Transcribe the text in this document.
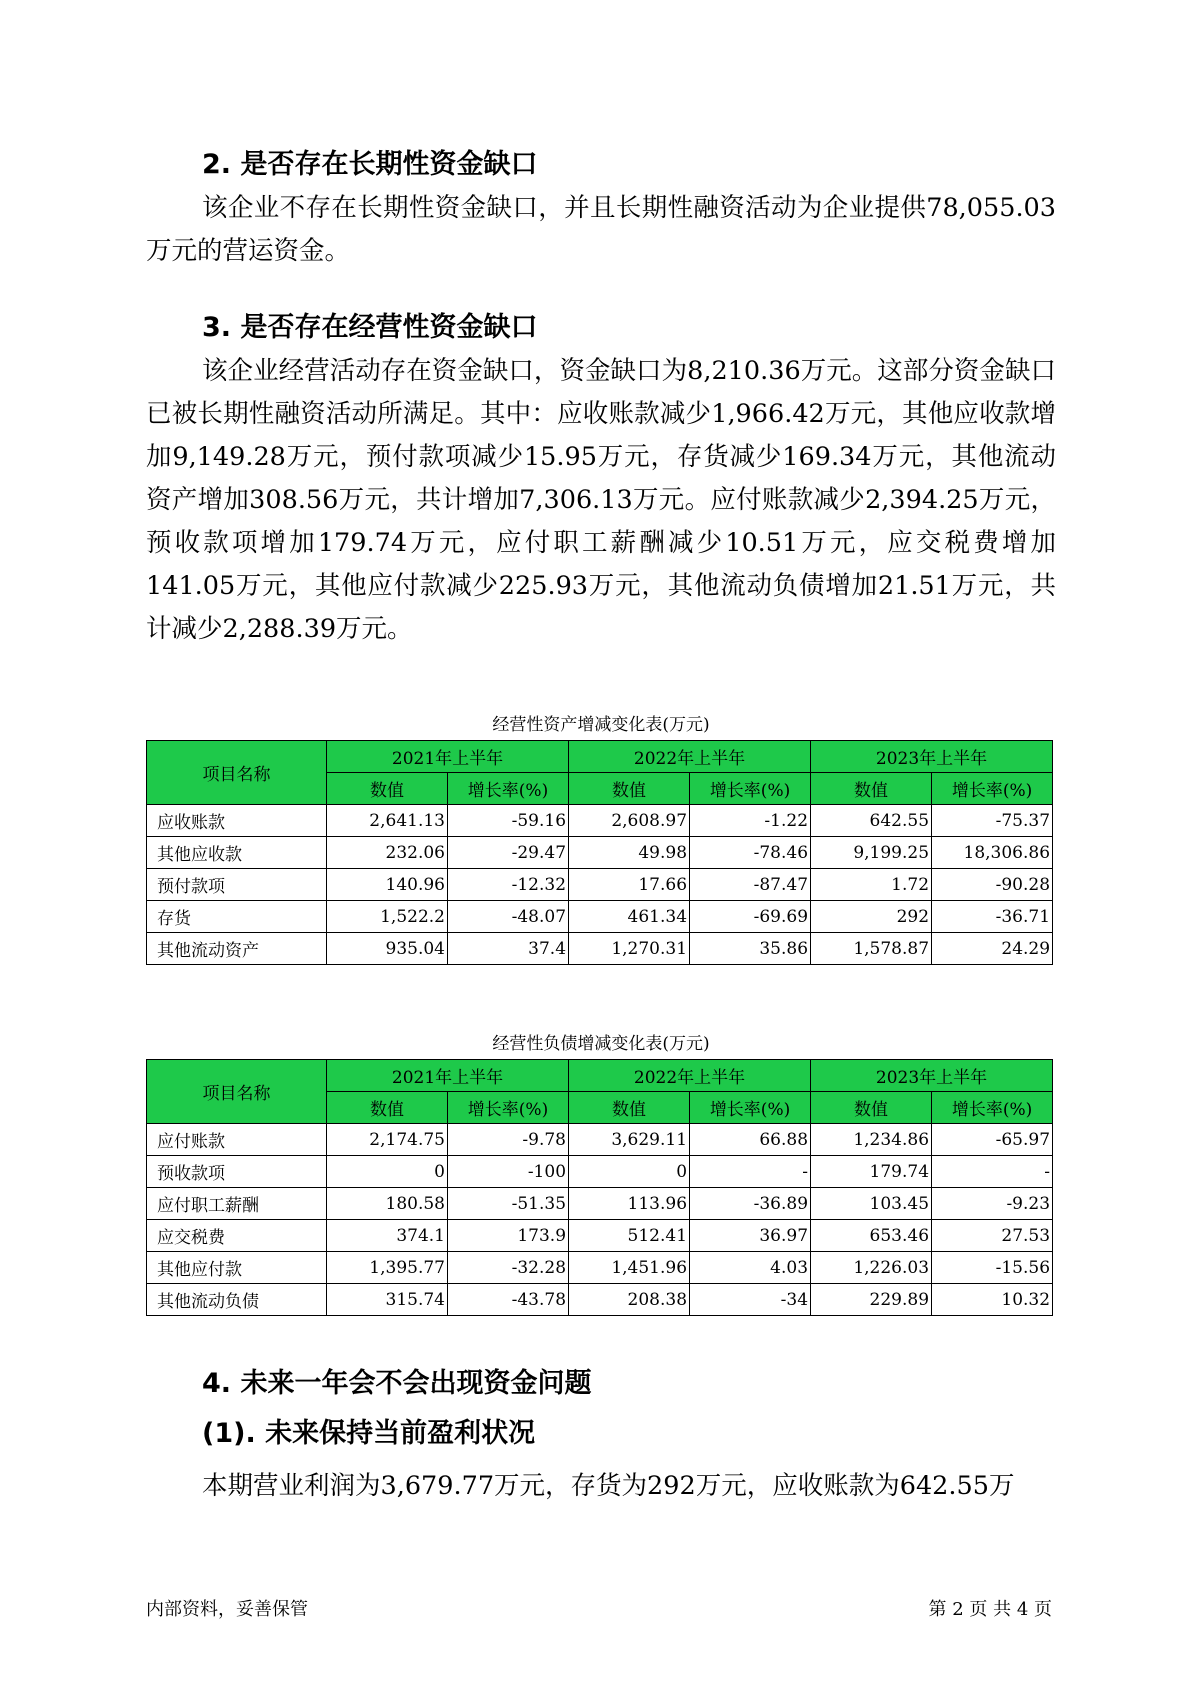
2. 是否存在长期性资金缺口
该企业不存在长期性资金缺口，并且长期性融资活动为企业提供78,055.03万元的营运资金。
3. 是否存在经营性资金缺口
该企业经营活动存在资金缺口，资金缺口为8,210.36万元。这部分资金缺口已被长期性融资活动所满足。其中：应收账款减少1,966.42万元，其他应收款增加9,149.28万元，预付款项减少15.95万元，存货减少169.34万元，其他流动资产增加308.56万元，共计增加7,306.13万元。应付账款减少2,394.25万元，预收款项增加179.74万元，应付职工薪酬减少10.51万元，应交税费增加141.05万元，其他应付款减少225.93万元，其他流动负债增加21.51万元，共计减少2,288.39万元。
经营性资产增减变化表(万元)
项目名称	2021年上半年		2022年上半年		2023年上半年	
	数值	增长率(%)	数值	增长率(%)	数值	增长率(%)
应收账款	2,641.13	-59.16	2,608.97	-1.22	642.55	-75.37
其他应收款	232.06	-29.47	49.98	-78.46	9,199.25	18,306.86
预付款项	140.96	-12.32	17.66	-87.47	1.72	-90.28
存货	1,522.2	-48.07	461.34	-69.69	292	-36.71
其他流动资产	935.04	37.4	1,270.31	35.86	1,578.87	24.29
经营性负债增减变化表(万元)
项目名称	2021年上半年		2022年上半年		2023年上半年	
	数值	增长率(%)	数值	增长率(%)	数值	增长率(%)
应付账款	2,174.75	-9.78	3,629.11	66.88	1,234.86	-65.97
预收款项	0	-100	0	-	179.74	-
应付职工薪酬	180.58	-51.35	113.96	-36.89	103.45	-9.23
应交税费	374.1	173.9	512.41	36.97	653.46	27.53
其他应付款	1,395.77	-32.28	1,451.96	4.03	1,226.03	-15.56
其他流动负债	315.74	-43.78	208.38	-34	229.89	10.32
4. 未来一年会不会出现资金问题
(1). 未来保持当前盈利状况
本期营业利润为3,679.77万元，存货为292万元，应收账款为642.55万
内部资料，妥善保管	第 2 页 共 4 页
